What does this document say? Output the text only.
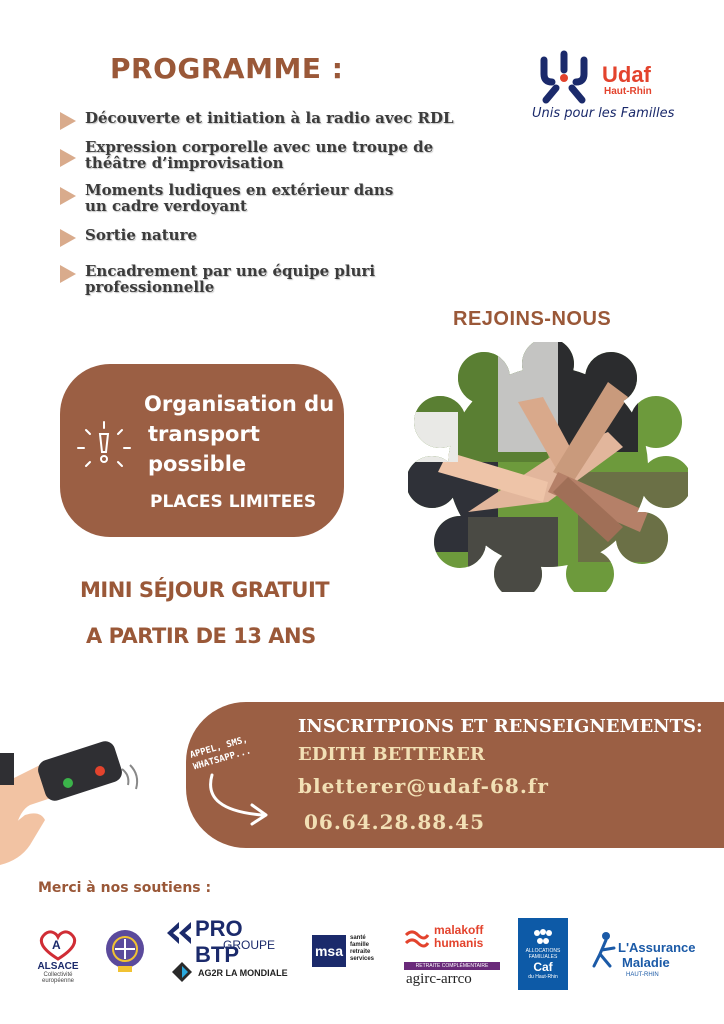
PROGRAMME :
Découverte et initiation à la radio avec RDL
Expression corporelle avec une troupe de théâtre d’improvisation
Moments ludiques en extérieur dans un cadre verdoyant
Sortie nature
Encadrement par une équipe pluri professionnelle
Udaf
Haut-Rhin
Unis pour les Familles
REJOINS-NOUS
Organisation du
transport
possible
PLACES LIMITEES
MINI SÉJOUR GRATUIT
A PARTIR DE 13 ANS
INSCRITPIONS ET RENSEIGNEMENTS:
EDITH BETTERER
bletterer@udaf-68.fr
06.64.28.88.45
APPEL, SMS, WHATSAPP...
Merci à nos soutiens :
A
ALSACE
Collectivité
européenne
PRO BTP
GROUPE
AG2R LA MONDIALE
msa
santé
famille
retraite
services
malakoff
humanis
RETRAITE COMPLÉMENTAIRE
agirc-arrco
ALLOCATIONS
FAMILIALES
Caf
du Haut-Rhin
L'Assurance
Maladie
HAUT-RHIN
